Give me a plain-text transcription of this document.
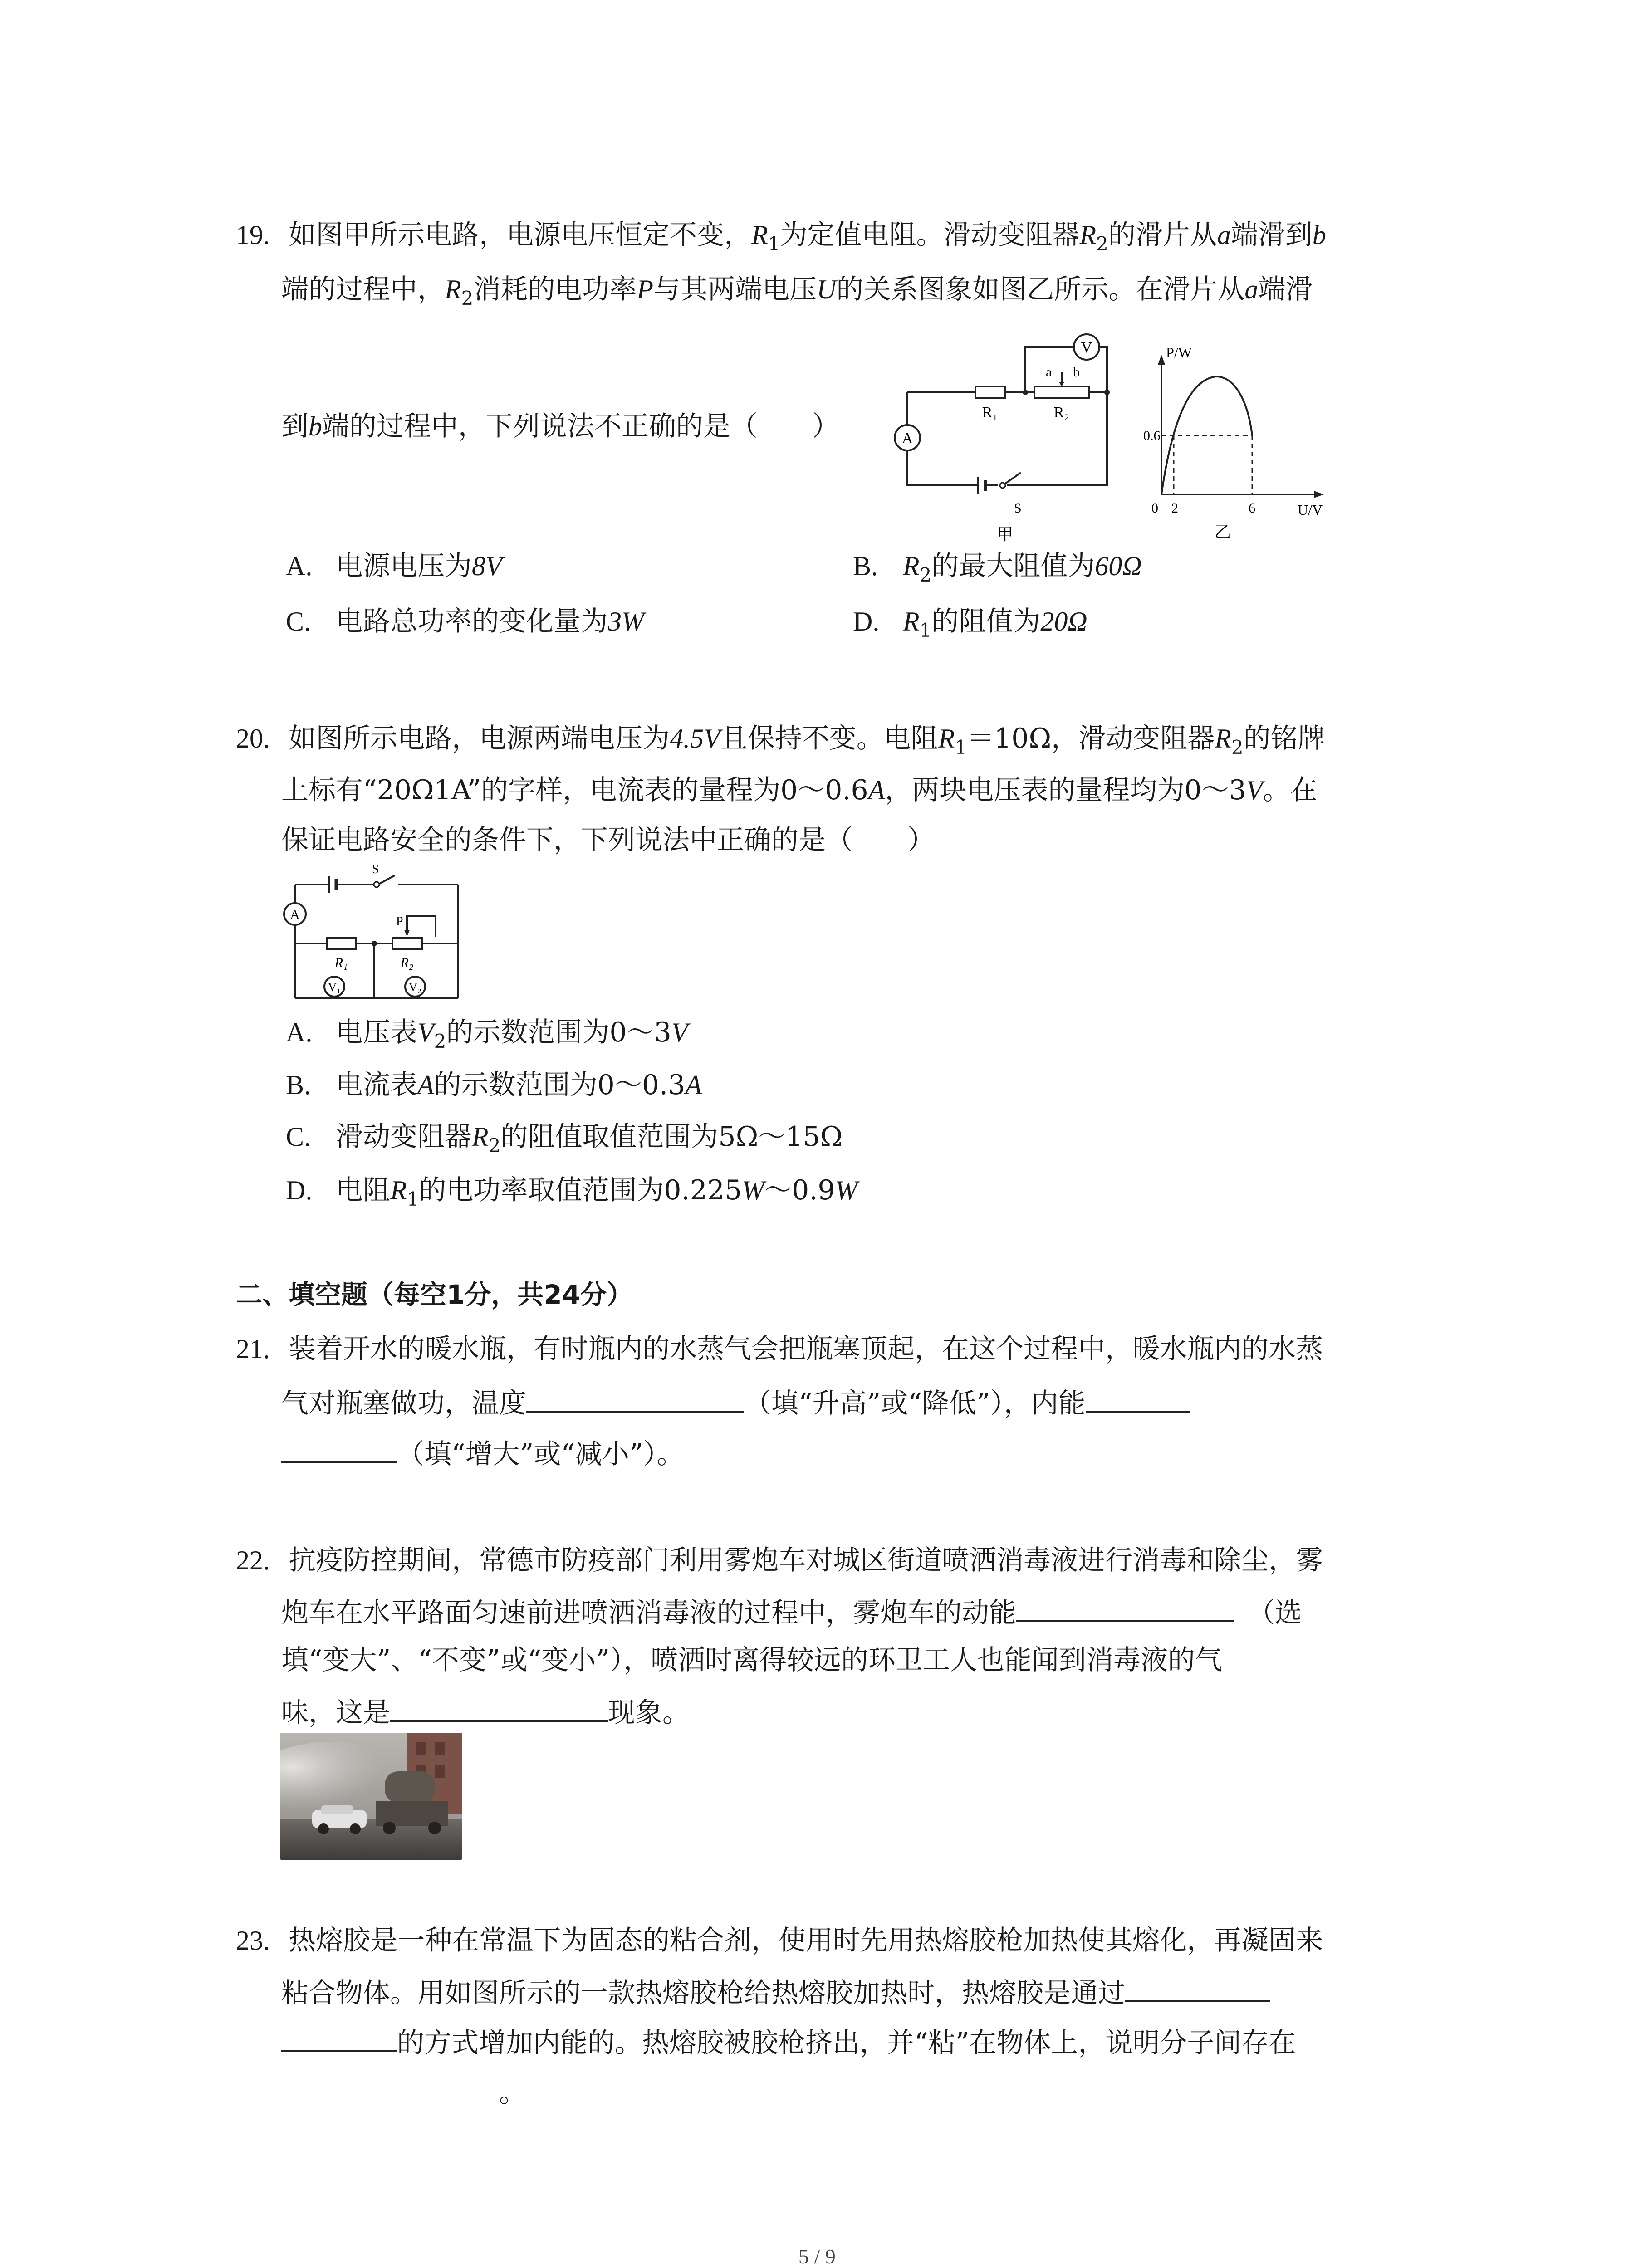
19. 如图甲所示电路，电源电压恒定不变，$R_1$为定值电阻。滑动变阻器$R_2$的滑片从a端滑到b
端的过程中，$R_2$消耗的电功率P与其两端电压U的关系图象如图乙所示。在滑片从a端滑
到b端的过程中，下列说法不正确的是（　　）
V
A
R₁	R₂
a b
S
甲
P/W
U/V
0.6
0 2	6
乙
A. 电源电压为8V	B. $R_2$的最大阻值为60Ω
C. 电路总功率的变化量为3W	D. $R_1$的阻值为20Ω
20. 如图所示电路，电源两端电压为4.5V且保持不变。电阻$R_1=10\Omega$，滑动变阻器$R_2$的铭牌
上标有“20Ω1A”的字样，电流表的量程为0～0.6A，两块电压表的量程均为0～3V。在
保证电路安全的条件下，下列说法中正确的是（　　）
S
A	P
R₁	R₂
V₁	V₂
A. 电压表$V_2$的示数范围为0～3V
B. 电流表A的示数范围为0～0.3A
C. 滑动变阻器$R_2$的阻值取值范围为5Ω～15Ω
D. 电阻$R_1$的电功率取值范围为0.225W～0.9W
二、填空题（每空1分，共24分）
21. 装着开水的暖水瓶，有时瓶内的水蒸气会把瓶塞顶起，在这个过程中，暖水瓶内的水蒸
气对瓶塞做功，温度	（填“升高”或“降低”），内能
（填“增大”或“减小”）。
22. 抗疫防控期间，常德市防疫部门利用雾炮车对城区街道喷洒消毒液进行消毒和除尘，雾
炮车在水平路面匀速前进喷洒消毒液的过程中，雾炮车的动能	（选
填“变大”、“不变”或“变小”），喷洒时离得较远的环卫工人也能闻到消毒液的气
味，这是	现象。
23. 热熔胶是一种在常温下为固态的粘合剂，使用时先用热熔胶枪加热使其熔化，再凝固来
粘合物体。用如图所示的一款热熔胶枪给热熔胶加热时，热熔胶是通过
的方式增加内能的。热熔胶被胶枪挤出，并“粘”在物体上，说明分子间存在
。
5 / 9
